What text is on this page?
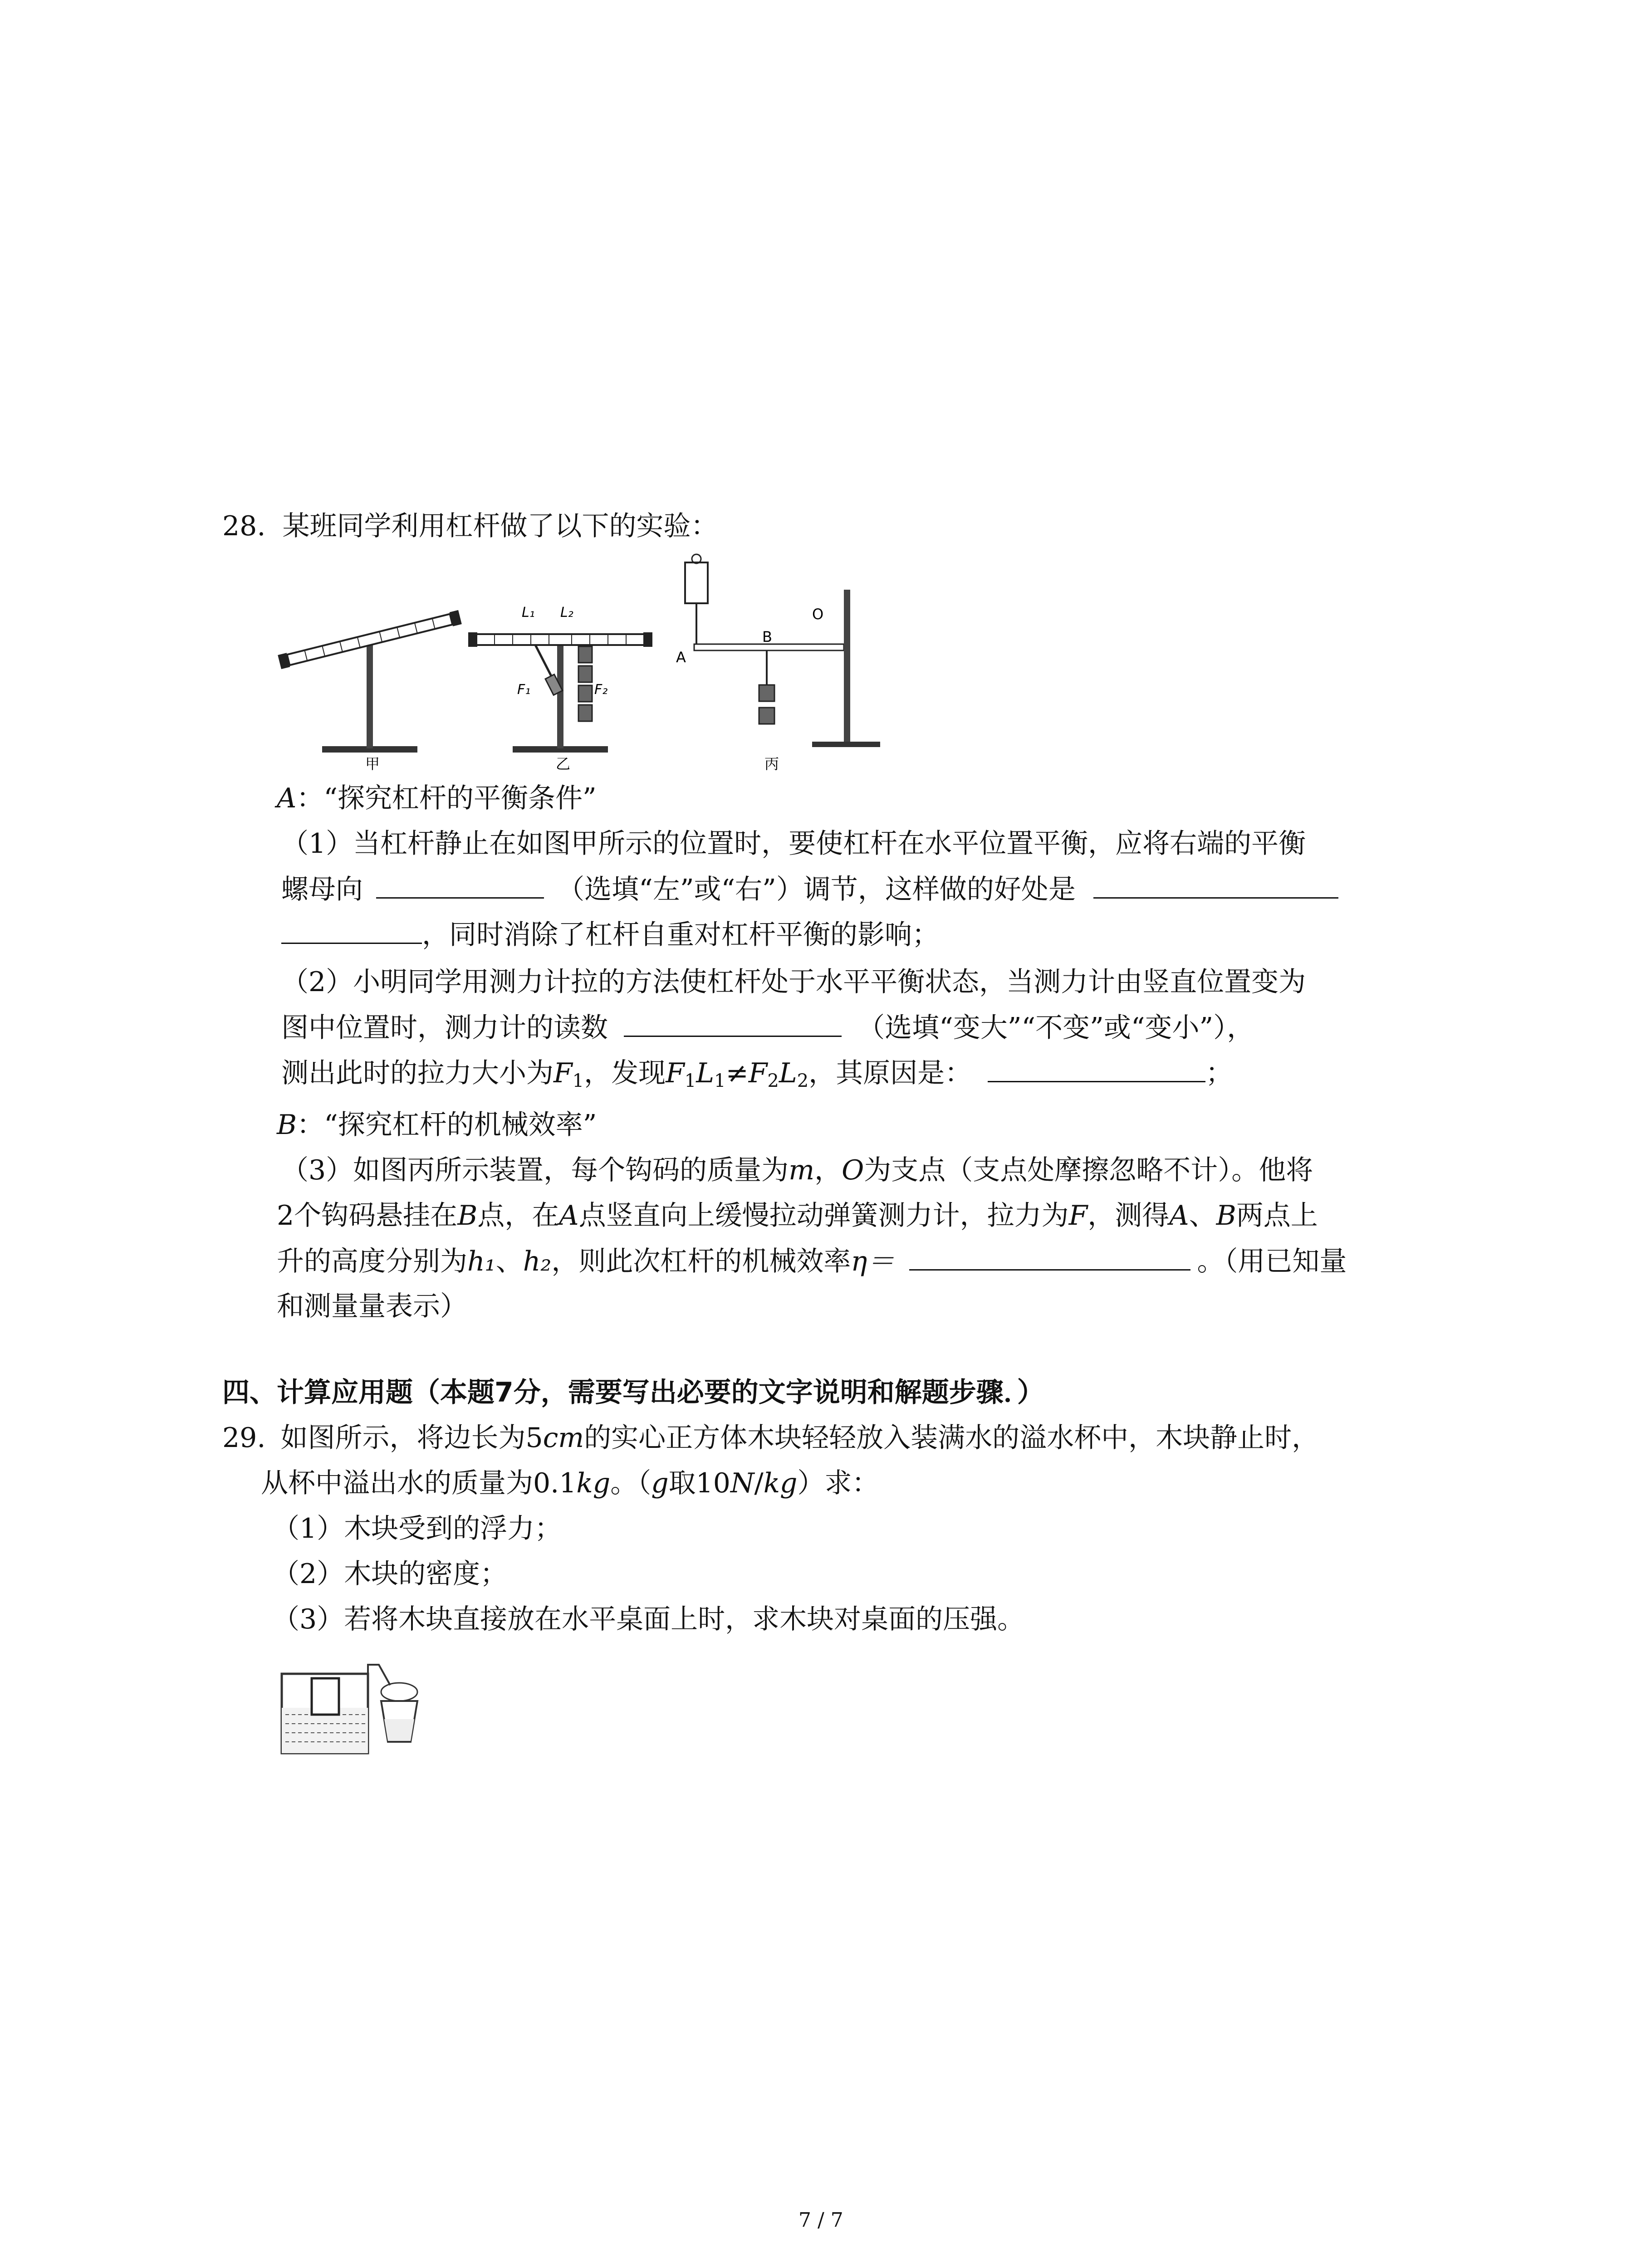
28. 某班同学利用杠杆做了以下的实验：
甲
L₁ L₂
F₁	F₂
乙
A
B
O
丙
A：“探究杠杆的平衡条件”
（1）当杠杆静止在如图甲所示的位置时，要使杠杆在水平位置平衡，应将右端的平衡
螺母向	（选填“左”或“右”）调节，这样做的好处是
，同时消除了杠杆自重对杠杆平衡的影响；
（2）小明同学用测力计拉的方法使杠杆处于水平平衡状态，当测力计由竖直位置变为
图中位置时，测力计的读数	（选填“变大”“不变”或“变小”），
测出此时的拉力大小为$F_1$，发现$F_1L_1\ne F_2L_2$，其原因是：	；
B：“探究杠杆的机械效率”
（3）如图丙所示装置，每个钩码的质量为m，O为支点（支点处摩擦忽略不计）。他将
2个钩码悬挂在B点，在A点竖直向上缓慢拉动弹簧测力计，拉力为F，测得A、B两点上
升的高度分别为h₁、h₂，则此次杠杆的机械效率η＝	。（用已知量
和测量量表示）
四、计算应用题（本题7分，需要写出必要的文字说明和解题步骤．）
29. 如图所示，将边长为5cm的实心正方体木块轻轻放入装满水的溢水杯中，木块静止时，
从杯中溢出水的质量为0.1kg。（g取10N/kg）求：
（1）木块受到的浮力；
（2）木块的密度；
（3）若将木块直接放在水平桌面上时，求木块对桌面的压强。
7 / 7
